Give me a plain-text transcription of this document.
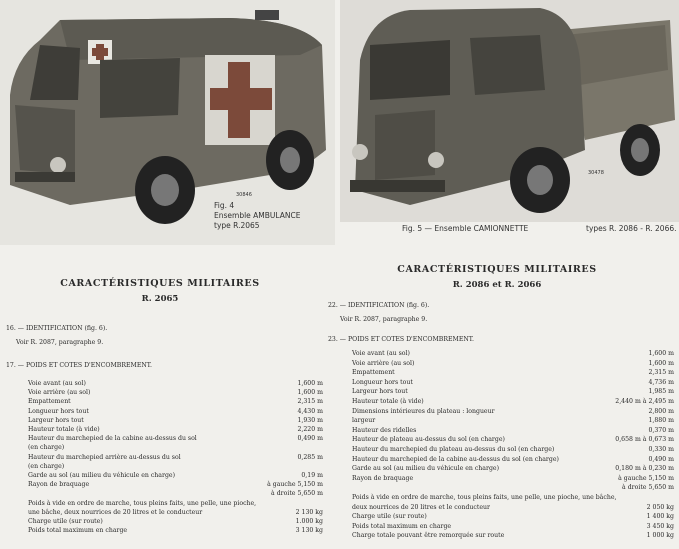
30846
Fig. 4
Ensemble AMBULANCE
type R.2065
30478
Fig. 5 — Ensemble CAMIONNETTE	types R. 2086 - R. 2066.
CARACTÉRISTIQUES MILITAIRES
R. 2065
16. — IDENTIFICATION (fig. 6).
Voir R. 2087, paragraphe 9.
17. — POIDS ET COTES D'ENCOMBREMENT.
Voie avant (au sol)	1,600 m
Voie arrière (au sol)	1,600 m
Empattement	2,315 m
Longueur hors tout	4,430 m
Largeur hors tout	1,930 m
Hauteur totale (à vide)	2,220 m
Hauteur du marchepied de la cabine au-dessus du sol	0,490 m
(en charge)
Hauteur du marchepied arrière au-dessus du sol	0,285 m
(en charge)
Garde au sol (au milieu du véhicule en charge)	0,19 m
Rayon de braquage	à gauche 5,150 m
à droite 5,650 m
Poids à vide en ordre de marche, tous pleins faits, une pelle, une pioche,
une bâche, deux nourrices de 20 litres et le conducteur	2 130 kg
Charge utile (sur route)	1.000 kg
Poids total maximum en charge	3 130 kg
CARACTÉRISTIQUES MILITAIRES
R. 2086 et R. 2066
22. — IDENTIFICATION (fig. 6).
Voir R. 2087, paragraphe 9.
23. — POIDS ET COTES D'ENCOMBREMENT.
Voie avant (au sol)	1,600 m
Voie arrière (au sol)	1,600 m
Empattement	2,315 m
Longueur hors tout	4,736 m
Largeur hors tout	1,985 m
Hauteur totale (à vide)	2,440 m à 2,495 m
Dimensions intérieures du plateau : longueur	2,800 m
largeur	1,880 m
Hauteur des ridelles	0,370 m
Hauteur de plateau au-dessus du sol (en charge)	0,658 m à 0,673 m
Hauteur du marchepied du plateau au-dessus du sol (en charge)	0,330 m
Hauteur du marchepied de la cabine au-dessus du sol (en charge)	0,490 m
Garde au sol (au milieu du véhicule en charge)	0,180 m à 0,230 m
Rayon de braquage	à gauche 5,150 m
à droite 5,650 m
Poids à vide en ordre de marche, tous pleins faits, une pelle, une pioche, une bâche,
deux nourrices de 20 litres et le conducteur	2 050 kg
Charge utile (sur route)	1 400 kg
Poids total maximum en charge	3 450 kg
Charge totale pouvant être remorquée sur route	1 000 kg
